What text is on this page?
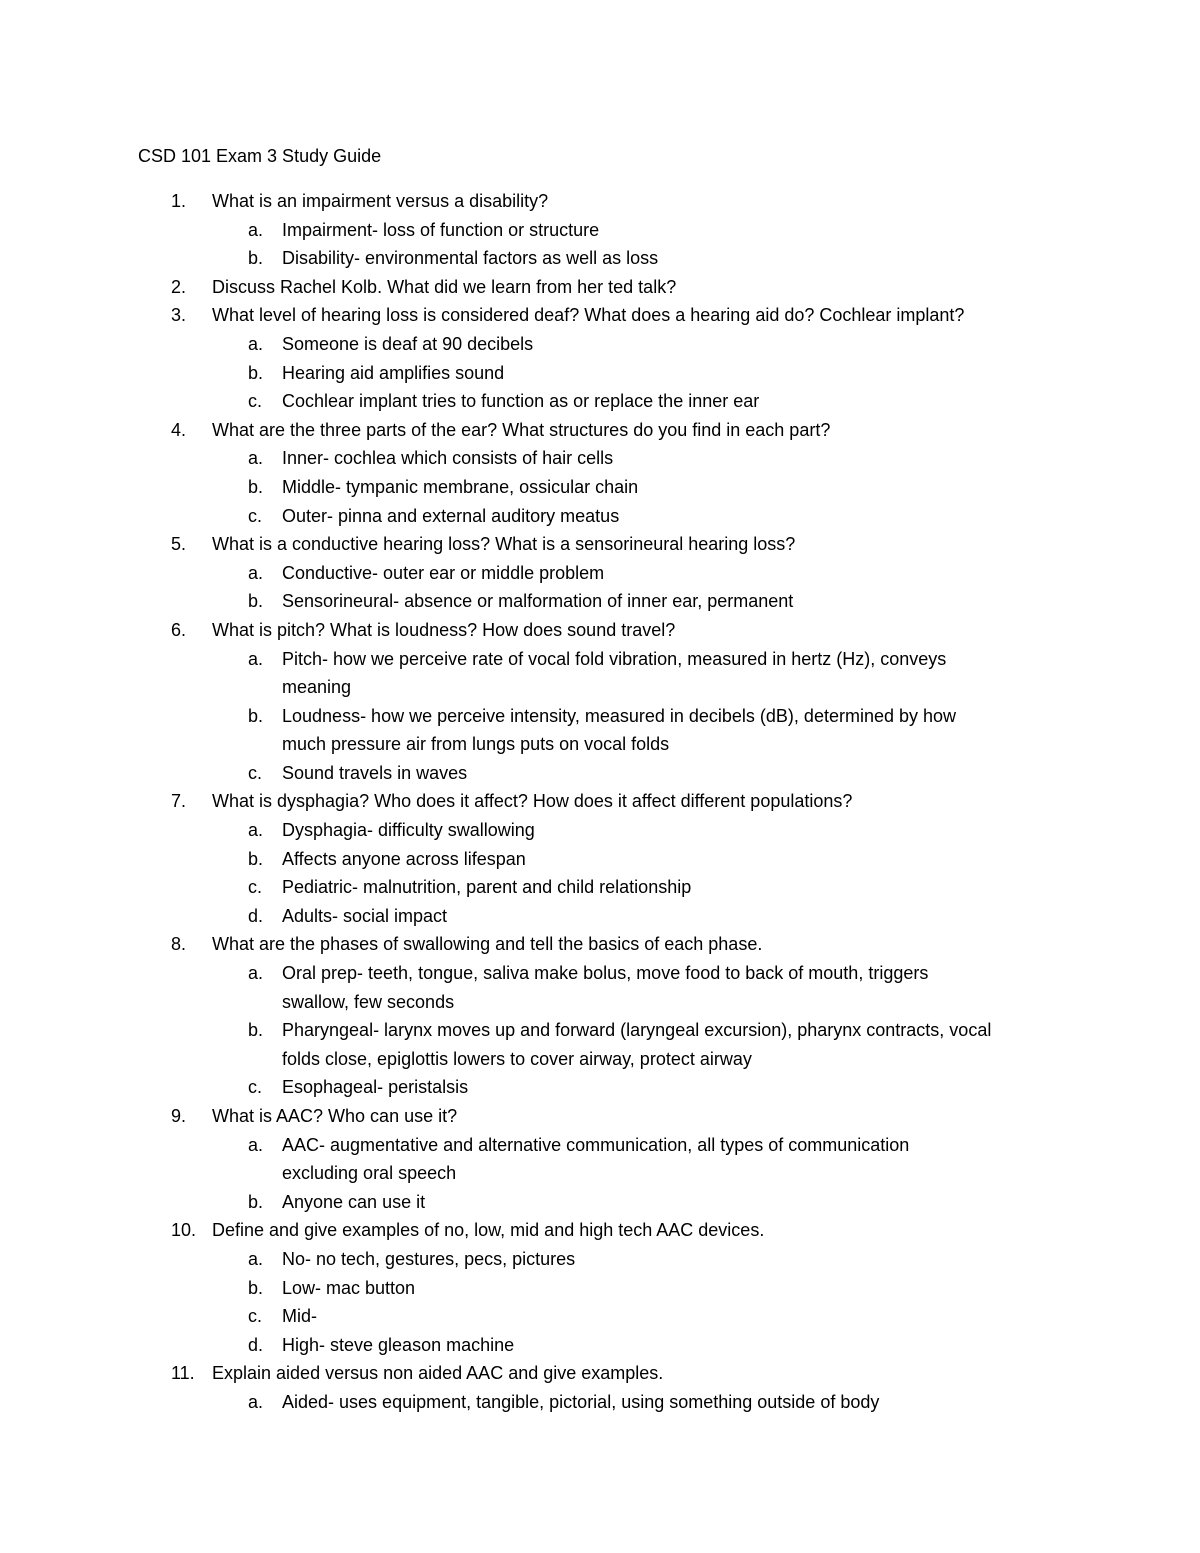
CSD 101 Exam 3 Study Guide
1.	What is an impairment versus a disability?
a.	Impairment- loss of function or structure
b.	Disability- environmental factors as well as loss
2.	Discuss Rachel Kolb. What did we learn from her ted talk?
3.	What level of hearing loss is considered deaf? What does a hearing aid do? Cochlear implant?
a.	Someone is deaf at 90 decibels
b.	Hearing aid amplifies sound
c.	Cochlear implant tries to function as or replace the inner ear
4.	What are the three parts of the ear? What structures do you find in each part?
a.	Inner- cochlea which consists of hair cells
b.	Middle- tympanic membrane, ossicular chain
c.	Outer- pinna and external auditory meatus
5.	What is a conductive hearing loss? What is a sensorineural hearing loss?
a.	Conductive- outer ear or middle problem
b.	Sensorineural- absence or malformation of inner ear, permanent
6.	What is pitch? What is loudness? How does sound travel?
a.	Pitch- how we perceive rate of vocal fold vibration, measured in hertz (Hz), conveys
meaning
b.	Loudness- how we perceive intensity, measured in decibels (dB), determined by how
much pressure air from lungs puts on vocal folds
c.	Sound travels in waves
7.	What is dysphagia? Who does it affect? How does it affect different populations?
a.	Dysphagia- difficulty swallowing
b.	Affects anyone across lifespan
c.	Pediatric- malnutrition, parent and child relationship
d.	Adults- social impact
8.	What are the phases of swallowing and tell the basics of each phase.
a.	Oral prep- teeth, tongue, saliva make bolus, move food to back of mouth, triggers
swallow, few seconds
b.	Pharyngeal- larynx moves up and forward (laryngeal excursion), pharynx contracts, vocal
folds close, epiglottis lowers to cover airway, protect airway
c.	Esophageal- peristalsis
9.	What is AAC? Who can use it?
a.	AAC- augmentative and alternative communication, all types of communication
excluding oral speech
b.	Anyone can use it
10. Define and give examples of no, low, mid and high tech AAC devices.
a.	No- no tech, gestures, pecs, pictures
b.	Low- mac button
c.	Mid-
d.	High- steve gleason machine
11. Explain aided versus non aided AAC and give examples.
a.	Aided- uses equipment, tangible, pictorial, using something outside of body
